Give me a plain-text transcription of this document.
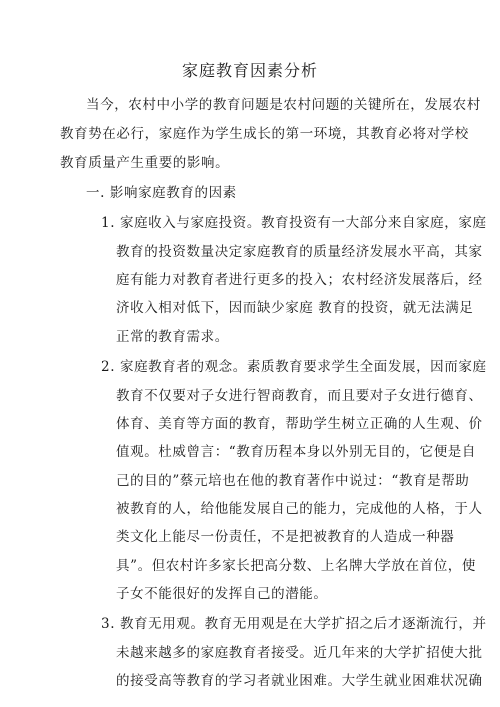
家庭教育因素分析
当今，农村中小学的教育问题是农村问题的关键所在，发展农村
教育势在必行，家庭作为学生成长的第一环境，其教育必将对学校
教育质量产生重要的影响。
一. 影响家庭教育的因素
1. 家庭收入与家庭投资。教育投资有一大部分来自家庭，家庭
教育的投资数量决定家庭教育的质量经济发展水平高，其家
庭有能力对教育者进行更多的投入；农村经济发展落后，经
济收入相对低下，因而缺少家庭 教育的投资，就无法满足
正常的教育需求。
2. 家庭教育者的观念。素质教育要求学生全面发展，因而家庭
教育不仅要对子女进行智商教育，而且要对子女进行德育、
体育、美育等方面的教育，帮助学生树立正确的人生观、价
值观。杜威曾言：“教育历程本身以外别无目的，它便是自
己的目的”蔡元培也在他的教育著作中说过：“教育是帮助
被教育的人，给他能发展自己的能力，完成他的人格，于人
类文化上能尽一份责任，不是把被教育的人造成一种器
具”。但农村许多家长把高分数、上名牌大学放在首位，使
子女不能很好的发挥自己的潜能。
3. 教育无用观。教育无用观是在大学扩招之后才逐渐流行，并
未越来越多的家庭教育者接受。近几年来的大学扩招使大批
的接受高等教育的学习者就业困难。大学生就业困难状况确
